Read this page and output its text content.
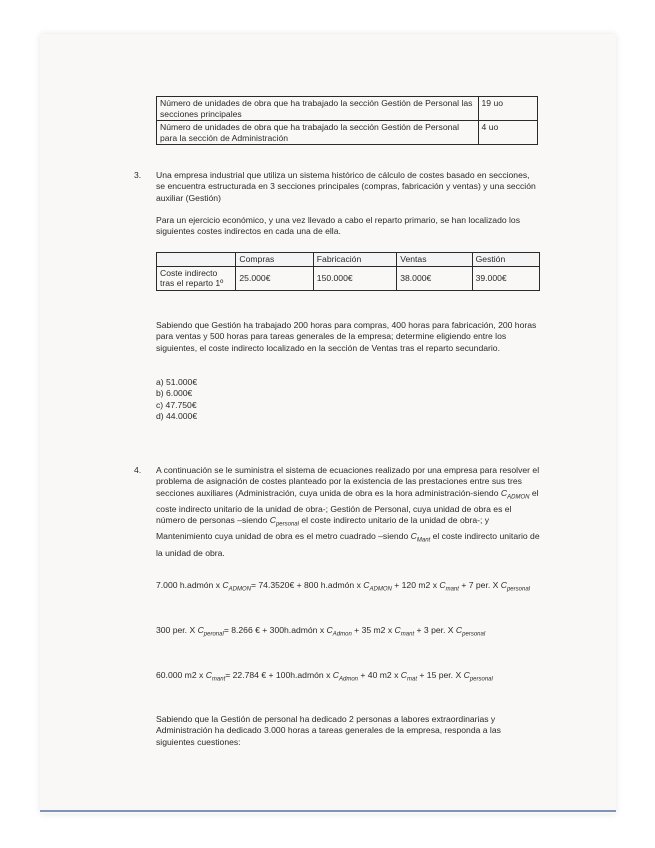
Número de unidades de obra que ha trabajado la sección Gestión de Personal las secciones principales	19 uo
Número de unidades de obra que ha trabajado la sección Gestión de Personal para la sección de Administración	4 uo
3. Una empresa industrial que utiliza un sistema histórico de cálculo de costes basado en secciones, se encuentra estructurada en 3 secciones principales (compras, fabricación y ventas) y una sección auxiliar (Gestión)
Para un ejercicio económico, y una vez llevado a cabo el reparto primario, se han localizado los siguientes costes indirectos en cada una de ella.
	Compras	Fabricación	Ventas	Gestión
Coste indirecto tras el reparto 1º	25.000€	150.000€	38.000€	39.000€
Sabiendo que Gestión ha trabajado 200 horas para compras, 400 horas para fabricación, 200 horas para ventas y 500 horas para tareas generales de la empresa; determine eligiendo entre los siguientes, el coste indirecto localizado en la sección de Ventas tras el reparto secundario.
a) 51.000€
b) 6.000€
c) 47.750€
d) 44.000€
4. A continuación se le suministra el sistema de ecuaciones realizado por una empresa para resolver el problema de asignación de costes planteado por la existencia de las prestaciones entre sus tres secciones auxiliares (Administración, cuya unida de obra es la hora administración-siendo $C_{ADMON}$ el coste indirecto unitario de la unidad de obra-; Gestión de Personal, cuya unidad de obra es el número de personas –siendo $C_{personal}$ el coste indirecto unitario de la unidad de obra-; y Mantenimiento cuya unidad de obra es el metro cuadrado –siendo $C_{Mant}$ el coste indirecto unitario de la unidad de obra.
7.000 h.admón x $C_{ADMON}=$ 74.3520€ + 800 h.admón x $C_{ADMON} + 120$ m2 x $C_{mant} + 7$ per. X $C_{personal}$
300 per. X $C_{peronal}= 8.266$ € + 300h.admón x $C_{Admon} + 35$ m2 x $C_{mant} + 3$ per. X $C_{personal}$
60.000 m2 x $C_{mant}= 22.784$ € + 100h.admón x $C_{Admon} + 40$ m2 x $C_{mat} + 15$ per. X $C_{personal}$
Sabiendo que la Gestión de personal ha dedicado 2 personas a labores extraordinarias y Administración ha dedicado 3.000 horas a tareas generales de la empresa, responda a las siguientes cuestiones:
